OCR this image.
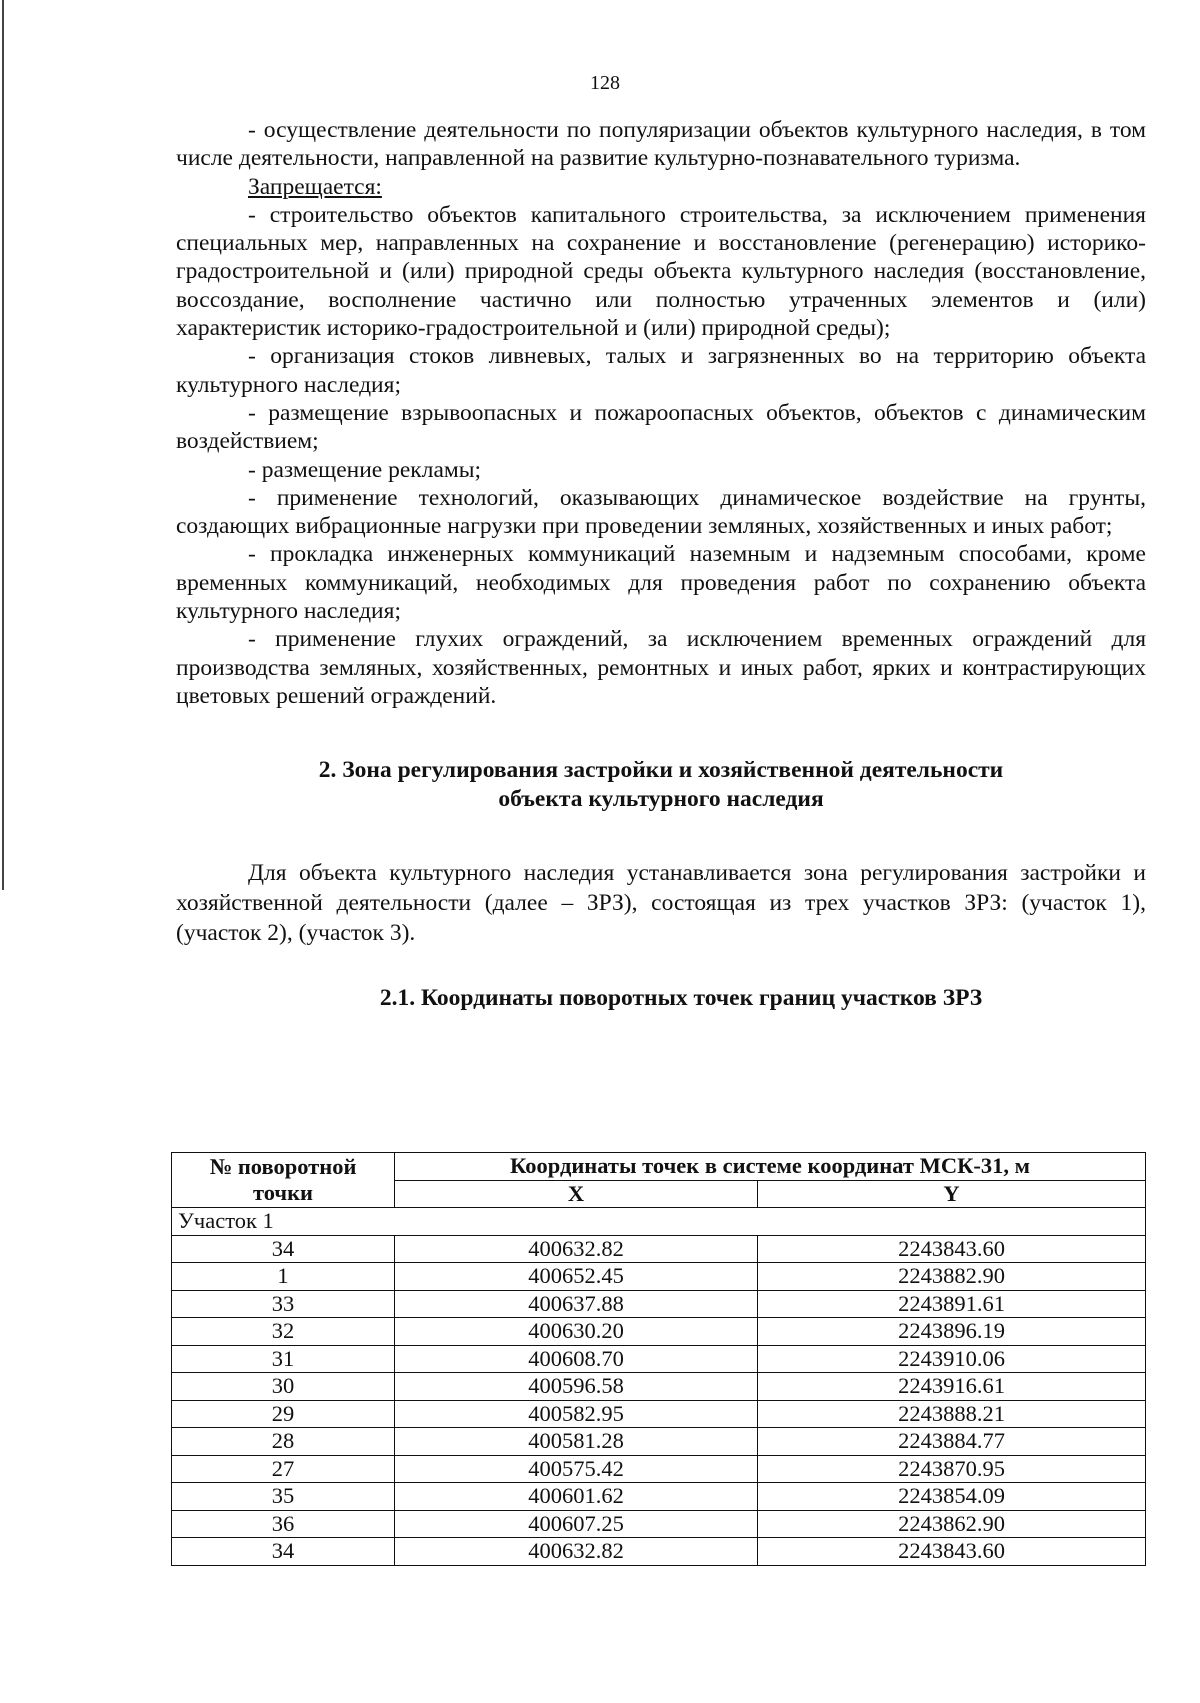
128

- осуществление деятельности по популяризации объектов культурного наследия, в том числе деятельности, направленной на развитие культурно-познавательного туризма.

Запрещается:

- строительство объектов капитального строительства, за исключением применения специальных мер, направленных на сохранение и восстановление (регенерацию) историко-градостроительной и (или) природной среды объекта культурного наследия (восстановление, воссоздание, восполнение частично или полностью утраченных элементов и (или) характеристик историко-градостроительной и (или) природной среды);

- организация стоков ливневых, талых и загрязненных во на территорию объекта культурного наследия;

- размещение взрывоопасных и пожароопасных объектов, объектов с динамическим воздействием;

- размещение рекламы;

- применение технологий, оказывающих динамическое воздействие на грунты, создающих вибрационные нагрузки при проведении земляных, хозяйственных и иных работ;

- прокладка инженерных коммуникаций наземным и надземным способами, кроме временных коммуникаций, необходимых для проведения работ по сохранению объекта культурного наследия;

- применение глухих ограждений, за исключением временных ограждений для производства земляных, хозяйственных, ремонтных и иных работ, ярких и контрастирующих цветовых решений ограждений.

2. Зона регулирования застройки и хозяйственной деятельности
объекта культурного наследия

Для объекта культурного наследия устанавливается зона регулирования застройки и хозяйственной деятельности (далее – ЗРЗ), состоящая из трех участков ЗРЗ: (участок 1), (участок 2), (участок 3).

2.1. Координаты поворотных точек границ участков ЗРЗ

№ поворотной точки	Координаты точек в системе координат МСК-31, м	
	X	Y
Участок 1		
34	400632.82	2243843.60
1	400652.45	2243882.90
33	400637.88	2243891.61
32	400630.20	2243896.19
31	400608.70	2243910.06
30	400596.58	2243916.61
29	400582.95	2243888.21
28	400581.28	2243884.77
27	400575.42	2243870.95
35	400601.62	2243854.09
36	400607.25	2243862.90
34	400632.82	2243843.60
